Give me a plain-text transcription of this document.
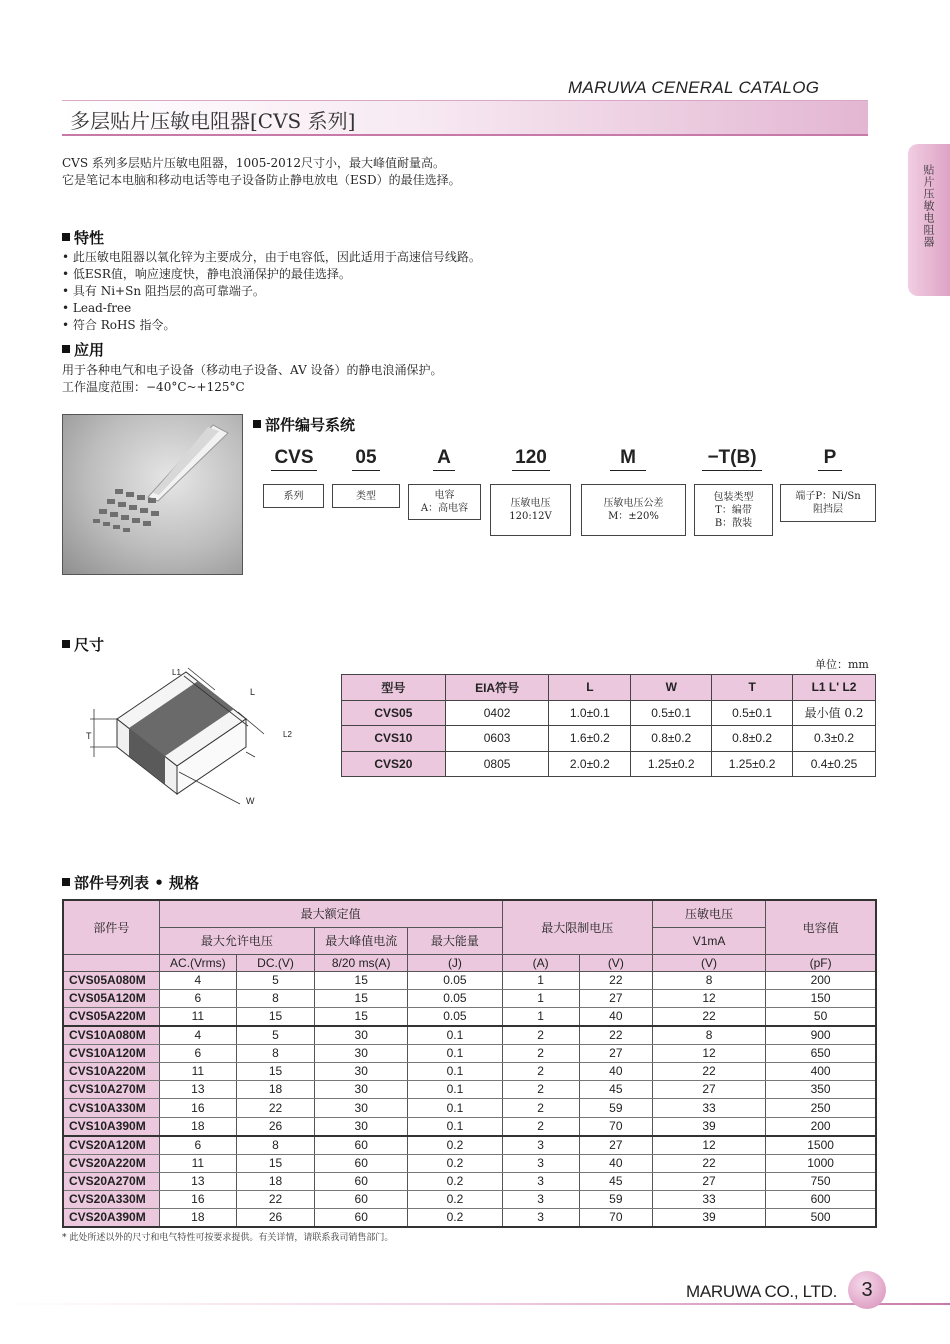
MARUWA CENERAL CATALOG
多层贴片压敏电阻器[CVS 系列]
贴片压敏电阻器
CVS 系列多层贴片压敏电阻器，1005-2012尺寸小，最大峰值耐量高。
它是笔记本电脑和移动电话等电子设备防止静电放电（ESD）的最佳选择。
特性
• 此压敏电阻器以氧化锌为主要成分，由于电容低，因此适用于高速信号线路。
• 低ESR值，响应速度快，静电浪涌保护的最佳选择。
• 具有 Ni+Sn 阻挡层的高可靠端子。
• Lead-free
• 符合 RoHS 指令。
应用
用于各种电气和电子设备（移动电子设备、AV 设备）的静电浪涌保护。
工作温度范围：−40°C~+125°C
部件编号系统
CVS 05	A	120	M	−T(B)	P
系列	类型	电容
A：高电容	压敏电压
120:12V
压敏电压公差
M：±20%
包装类型
T：编带
B：散装
端子P：Ni/Sn
阻挡层
尺寸
单位：mm
L1
L
L2
T
W
型号	EIA符号	L	W	T	L1 L' L2
CVS05	0402	1.0±0.1	0.5±0.1	0.5±0.1	最小值 0.2
CVS10	0603	1.6±0.2	0.8±0.2	0.8±0.2	0.3±0.2
CVS20	0805	2.0±0.2	1.25±0.2	1.25±0.2	0.4±0.25
部件号列表 • 规格
部件号	最大额定值				最大限制电压		压敏电压	电容值
	最大允许电压		最大峰值电流	最大能量			V1mA	
	AC.(Vrms)	DC.(V)	8/20 ms(A)	(J)	(A)	(V)	(V)	(pF)
CVS05A080M	4	5	15	0.05	1	22	8	200
CVS05A120M	6	8	15	0.05	1	27	12	150
CVS05A220M	11	15	15	0.05	1	40	22	50
CVS10A080M	4	5	30	0.1	2	22	8	900
CVS10A120M	6	8	30	0.1	2	27	12	650
CVS10A220M	11	15	30	0.1	2	40	22	400
CVS10A270M	13	18	30	0.1	2	45	27	350
CVS10A330M	16	22	30	0.1	2	59	33	250
CVS10A390M	18	26	30	0.1	2	70	39	200
CVS20A120M	6	8	60	0.2	3	27	12	1500
CVS20A220M	11	15	60	0.2	3	40	22	1000
CVS20A270M	13	18	60	0.2	3	45	27	750
CVS20A330M	16	22	60	0.2	3	59	33	600
CVS20A390M	18	26	60	0.2	3	70	39	500
* 此处所述以外的尺寸和电气特性可按要求提供。有关详情，请联系我司销售部门。
MARUWA CO., LTD.	3
